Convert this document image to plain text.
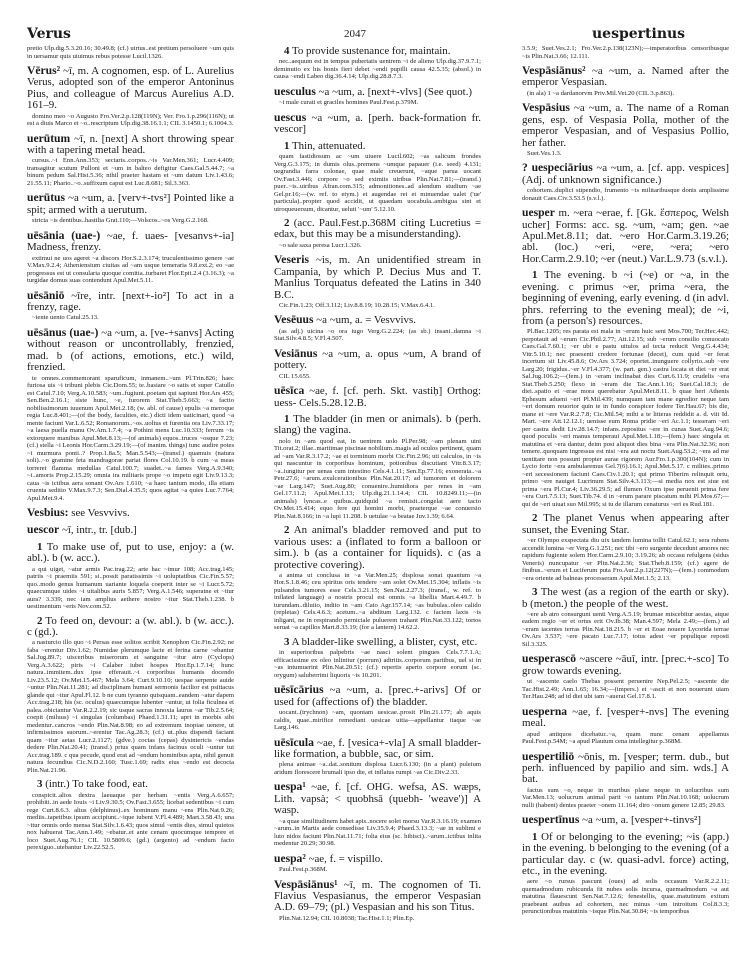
Verus	2047	uespertinus

pretio Ulp.dig.5.3.20.16; 30.49.8; (cf.) uirtus..est pretium persoluere ~um quis in uersamur quis uiuimus rebus potesse Lucil.1326.

Vērus² ~ī, m. A cognomen, esp. of L. Aurelius Verus, adopted son of the emperor Antoninus Pius, and colleague of Marcus Aurelius A.D. 161–9.

domino meo ~o Augusto Fro.Ver.2.p.128(119N); Ver. Fro.1.p.296(116N); ut est a diuis Marco et ~o..rescriptum Ulp.dig.38.16.1.1; CIL 3.1450.1; 6.1004.3.

uerūtum ~ī, n. [next] A short throwing spear with a tapering metal head.

cursus..~i Enn.Ann.353; sectaris..corpos..~is Var.Men.361; Lucr.4.409; transagitur scutum Pulloni et ~um in balteo defigitur Caes.Gal.5.44.7; ~a binum pedum Sal.Hist.5.36; nihil praeter hastam et ~um datum Liv.1.43.6; 21.55.11; Phario..~o..suffixum caput est Luc.8.681; Sil.3.363.

uerūtus ~a ~um, a. [verv+-tvs²] Pointed like a spit; armed with a uerutum.

stricta ~is dentibus..hastilia Grat.110;—Volscos..~os Verg.G.2.168.

uēsānia (uae-) ~ae, f. uaes- [vesanvs+-ia] Madness, frenzy.

extimui ne uos ageret ~a discors Hor.S.2.3.174; truculentissimo genere ~ae V.Max.9.2.4; Atheniensium ciuitas ad ~am usque temeraria 9.8.ext.2; eo ~ae progressus est ut consularia quoque comitia..turbaret Flor.Epit.2.4 (3.16.3); ~a turgidae domus suas contendunt Apul.Met.5.11.

uēsāniō ~īre, intr. [next+-io²] To act in a frenzy, rage.

~iente uento Catul.25.13.

uēsānus (uae-) ~a ~um, a. [ve-+sanvs] Acting without reason or uncontrollably, frenzied, mad. b (of actions, emotions, etc.) wild, frenzied.

te omnes..commemorant sparuficum, inmanem..~um Pl.Trin.826; haec furiosa uis ~i tribuni plebis Cic.Dom.55; te..basiare ~o satis et super Catullo est Catul.7.10; Verg.A.10.583; ~um..fugiunt..poetam qui sapiunt Hor.Ars 455; Sen.Ben.2.16.1; siste hunc, ~e, furorem Stat.Theb.5.663; ~a factio nobilissimorum iuuenum Apul.Met.2.18; (w. abl. of cause) epulis ~a meroque regia Luc.8.401;—(of the body, faculties, etc.) dicti idem uaticinari, quod ~a mente faciunt Var.L.6.52; Romanorum..~os..uoltus et furentia ora Liv.7.33.17; ~a laesa puella manu Ov.Am.1.7.4; ~a Pothini mens Luc.10.333; ferrum ~is extorquere manibus Apul.Met.8.13;—(of animals) equos..truces ~osque 7.23; (cf.) stella ~i Leonis Hor.Carm.3.29.19;—(of inanim. things) tunc audire potes ~i murmura ponti..? Prop.1.8a.5; Man.5.543;—(transf.) quamuis (natura soli)..~o gramine feta mandragorae pariat flores Col.10.19. b cum ~a meas torreret flamma medullas Catul.100.7; suadet..~a fames Verg.A.9.340; ~i..amoris Prop.2.15.29; omnia ira militaris prope ~o impetu egit Liv.9.13.3; caua ~is ictibus aera sonant Ov.Ars 1.610; ~a haec tantum modo, illa etiam cruenta seditio V.Max.9.7.3; Sen.Dial.4.35.5; quos agitat ~a quies Luc.7.764; Apul.Met.9.4.

Vesbius: see Vesvvivs.

uescor ~ī, intr., tr. [dub.]

1 To make use of, put to use, enjoy: a (w. abl.). b (w. acc.).

a qui uiget, ~atur armis Pac.trag.22; arte hac ~imur 108; Acc.trag.145; patriis ~i praemiis 591; si..possit paratissimis ~i uoluptatibus Cic.Fin.5.57; quo..modo genus humanum uariante loquela coeperit inter se ~i Lucr.5.72; quaecumque uides ~i uitalibus auris 5.857; Verg.A.1.546; superatne et ~itur aura? 3.339; nec iam amplius aethere nostro ~itur Stat.Theb.1.238. b uestimentum ~eris Nov.com.52.

2 To feed on, devour: a (w. abl.). b (w. acc.). c (gd.).

a nasturcio illo quo ~i Persas esse solitos scribit Xenophon Cic.Fin.2.92; ne faba ~erentur Div.1.62; Numidae plerumque lacte et ferina carne ~ebantur Sal.Jug.89.7; uisceribus miserorum et sanguine ~itur atro (Cyclops) Verg.A.3.622; piris ~i Calaber iubet hospes Hor.Ep.1.7.14; hunc natura..immitem..dux ipse efferauit..~i corporibus humanis docendo Liv.23.5.12; Ov.Met.15.467; Mela 3.64; Curt.9.10.10; uespae serpente auide ~untur Plin.Nat.11.281; ad disciplinam humani sermonis facilior est psittacus glande qui ~itur Apul.Fl.12. b ne cum tyranno quisquam..eandem ~atur dapem Acc.trag.218; his (sc. oculus) quaecumque lubenter ~untur, ut folia ficulnea et palea..obiciantur Var.R.2.2.19; sic usque sacras innoxia laurus ~ar Tib.2.5.64; coepit (miluus) ~i singulas (columbas) Phaed.1.31.11; apri in morbis sibi medentur..cancros ~endo Plin.Nat.8.98; eo ad extremum inopiae uenere, ut infirmissimos suorum..~erentur Tac.Ag.28.3; (cf.) ut..plus dispendi faciant quam ~itur aetas Lucr.2.1127; (gdve.) coctas (cepas) dysintericis ~endas dedere Plin.Nat.20.41; (transf.) prius quam infans facinus oculi ~untur tui Acc.trag.189. c qua pecude, quod erat ad ~endum hominibus apta, nihil genuit natura fecundius Cic.N.D.2.160; Tusc.1.69; radix eius ~endo est decocta Plin.Nat.21.96.

3 (intr.) To take food, eat.

conspicit..alios dextra laeuaque per herbam ~entis Verg.A.6.657; prohibiti..in aede Iouis ~i Liv.9.30.5; Ov.Fast.3.655; licebat sedentibus ~i cum rege Curt.8.6.3. alius (delphinus)..ex hominum manu ~ens Plin.Nat.9.26; mediis..tapetibus ipsum accipiunt..~ique iubent V.Fl.4.489; Mart.3.58.43; una ~itur omnis ordo mensa Stat.Silv.1.6.43; quos simul ~entis dies, simul quietos nox habuerat Tac.Ann.1.49; ~ebatur..et ante cenam quocumque tempore et loco Suet.Aug.76.1; CIL 10.5809.6; (gd.) (argento) ad ~endum facto perexiguo..utebantur Liv.22.52.5.

4 To provide sustenance for, maintain.

nec..aequum est in tempus pubertatis uentrem ~i de alieno Ulp.dig.37.9.7.1; deminutio ex his bonis fieri debet ~endi pupilli causa 42.5.35; (absol.) in causa ~endi Labeo dig.36.4.14; Ulp.dig.28.8.7.3.

uesculus ~a ~um, a. [next+-vlvs] (See quot.)

~i male curati et graciles homines Paul.Fest.p.379M.

uescus ~a ~um, a. [perh. back-formation fr. vescor]

1 Thin, attenuated.

quam fastidiosum ac ~um uiuere Lucil.602; ~as salicum frondes Verg.G.3.175; in dumis olus..premens ~umque papauer (i.e. seed) 4.131; uegrandia farra colonae, quae male creuerunt, ~aque parua uocant Ov.Fast.3.446; corpore ~o sed eximiis uiribus Plin.Nat.7.81;—(transf.) puer..~is..uiribus Afran.com.315; admonitiones..ad alendum studium ~ae Gel.pr.16;—(w. ref. to etym.) et augendae rei et minuendae ualet ('ue' particula)..propter quod accidit, ut quaedam uocabula..ambigua sint et utroqueuersum, dicantur, ueluti '~um' 5.12.10.

2 (acc. Paul.Fest.p.368M citing Lucretius = edax, but this may be a misunderstanding).

~o sale saxa peresa Lucr.1.326.

Veseris ~is, m. An unidentified stream in Campania, by which P. Decius Mus and T. Manlius Torquatus defeated the Latins in 340 B.C.

Cic.Fin.1.23; Off.3.112; Liv.8.8.19; 10.28.15; V.Max.6.4.1.

Vesēuus ~a ~um, a. = Vesvvivs.

(as adj.) uicina ~o ora iugo Verg.G.2.224; (as sb.) insani..damna ~i Stat.Silv.4.8.5; V.Fl.4.507.

Vesiānus ~a ~um, a. opus ~um, A brand of pottery.

CIL 15.655.

uēsīca ~ae, f. [cf. perh. Skt. vastiḥ] Orthog: uess- Cels.5.28.12.B.

1 The bladder (in men or animals). b (perh. slang) the vagina.

nolo in ~am quod eat, in uentrem uolo Pl.Per.98; ~am plenam uini Tit.orat.2; illae..maritimae piscinae nobilium..magis ad oculos pertinent, quam ad ~am Var.R.3.17.2; ~ae et torminum morbi Cic.Fin.2.96; uti calculos, in ~is qui nascuntur in corporibus hominum, potionibus discutiant Vitr.8.3.17; ~a..iungitur per uenas cum intestino Cels.4.1.11; Sen.Ep.77.16; exonerata..~a Petr.27.6; ~arum..exulcerationibus Plin.Nat.20.17; ad tumorem et dolorem ~ae Larg.147; Suet.Aug.80; conuenire..humidiora per renes in ~am Gel.17.11.2; Apul.Met.1.13; Ulp.dig.21.1.14.4; CIL 10.8249.11;—(in animals) lyncas..e quibus..quidquid ~a remisit..congelat aere tacto Ov.Met.15.414; equo fere qui homini morbi, praeterque ~ae conuersio Plin.Nat.8.166; in ~a lupi 11.208. b uetulae ~a beatae Juv.1.39; 6.64.

2 An animal's bladder removed and put to various uses: a (inflated to form a balloon or sim.). b (as a container for liquids). c (as a protective covering).

a anima ut conclusa in ~a Var.Men.25; displosa sonat quantum ~a Hor.S.1.8.46; ceu spiritus oris tendere ~am solet Ov.Met.15.304; inflatis ~is pulsandos tumores esse Cels.3.21.15; Sen.Nat.2.27.3; (transf., w. ref. to inflated language) a nostris procul est omnis ~a libellis Mart.4.49.7. b turundam..diluito, indito in ~am Cato Agr.157.14; ~as bubulas..oleo calido (repletas) Cels.4.6.3; acetum..~a abditum Larg.132. c faciem laxis ~is inligant, ne in respirando perniciale puluerem trahant Plin.Nat.33.122; tortos seruat ~a capillos Mart.8.33.19; (for a lantern) 14.62.2.

3 A bladder-like swelling, a blister, cyst, etc.

in superioribus palpebris ~ae nasci solent pingues Cels.7.7.1.A; efficacissime ex oleo inlinitur (porrum) adtritis..corporum partibus, uel si in ~as intumuerint Plin.Nat.20.51; (cf.) repertis aperto corpore eorum (sc. orygum) saluberrimi liquoris ~is 10.201.

uēsīcārius ~a ~um, a. [prec.+-arivs] Of or used for (affections of) the bladder.

uocant..(trychnon) ~am, quoniam uesicae..prosit Plin.21.177; ab aquis caldis, quae..mirifice remediant uesicae uitia—appellantur itaque ~ae Larg.146.

uēsīcula ~ae, f. [vesica+-vla] A small bladder-like formation, a bubble, sac, or sim.

plena animae ~a..dat..sonitum displosa Lucr.6.130; (in a plant) puleium aridum florescere brumali ipso die, et inflatus rumpi ~as Cic.Div.2.33.

uespa¹ ~ae, f. [cf. OHG. wefsa, AS. wæps, Lith. vapsà; < ɥuobhsā (ɥuebh- 'weave')] A wasp.

~a quae similitudinem habet apis..nocere solet morsu Var.R.3.16.19; examen ~arum..in Martis aede consedisse Liv.35.9.4; Phaed.3.13.3; ~ae in sublimi e luto nidos faciunt Plin.Nat.11.71; folia eius (sc. hibisci)..~arum..ictibus inlita medentur 20.29; 30.98.

uespa² ~ae, f. = vispillo.

Paul.Fest.p.368M.

Vespāsiānus¹ ~ī, m. The cognomen of Ti. Flavius Vespasianus, the emperor Vespasian A.D. 69–79; (pl.) Vespasian and his son Titus.

Plin.Nat.12.94; CIL 10.8038; Tac.Hist.1.1; Plin.Ep.

3.5.9; Suet.Ves.2.1; Fro.Ver.2.p.138(123N);—imperatoribus censoribusque ~is Plin.Nat.3.66; 12.111.

Vespāsiānus² ~a ~um, a. Named after the emperor Vespasian.

(in ala) 1 ~a dardanorvm Priv.Mil.Vet.20 (CIL 3.p.863).

Vespāsius ~a ~um, a. The name of a Roman gens, esp. of Vespasia Polla, mother of the emperor Vespasian, and of Vespasius Pollio, her father.

Suet.Ves.1.3.

? uespeciārius ~a ~um, a. [cf. app. vespices] (Adj. of unknown significance.)

cohortem..duplici stipendio, frumento ~is militaribusque donis amplissime donauit Caes.Civ.3.53.5 (s.v.l.).

uesper m. ~era ~erae, f. [Gk. ἕσπερος, Welsh ucher] Forms: acc. sg. ~um, ~am; gen. ~ae Apul.Met.8.11; dat. ~ero Hor.Carm.3.19.26; abl. (loc.) ~eri, ~ere, ~era; ~ero Hor.Carm.2.9.10; ~er (neut.) Var.L.9.73 (s.v.l.).

1 The evening. b ~i (~e) or ~a, in the evening. c primus ~er, prima ~era, the beginning of evening, early evening. d (in advl. phrs. referring to the evening meal); de ~i, from (a person's) resources.

Pl.Bac.1205; res parata est mala in ~erum huic seni Mos.700; Ter.Hec.442; perpotauit ad ~erum Cic.Phil.2.77; Att.12.15; sub ~erum consilio conuocato Caes.Gal.7.60.1; ~er ubi e pastu uitulos ad tecta reducit Verg.G.4.434; Vitr.5.10.1; nec praesenti credere fortunae (decet), cum quid ~er ferat incertum sit Liv.45.8.6; Ov.Ars 3.724; oportet..inunguere collyrio..sub ~ere Larg.20; frigidus..~er V.Fl.4.377; (w. part. gen.) castra locata et diei ~er erat Sal.Jug.106.2;—(fem.) in ~eram inclinabat dies Curt.6.11.9; crudelis ~era Stat.Theb.5.250; flexo in ~eram die Tac.Ann.1.16; Suet.Cal.18.3; de diei..spatio et ~erae mora querebatur Apul.Met.8.11. b quae heri Athenis Ephesum adueni ~eri Pl.Mil.439; numquam tam mane egredior neque tam ~eri domum reuortor quin te in fundo conspicer fodere Ter.Hau.67; bis die, mane et ~ere Var.R.2.7.8; Cic.Mil.54; mihi a te litteras reddidit a. d. viii Id. Mart. ~ere Att.12.12.1; uenisse eum Roma pridie ~eri Ac.1.1; tesseram ~eri per castra dedit Liv.28.14.7; infans..repositus ~ere in cunas Suet.Aug.94.6; quod poculis ~eri manus temperaui Apul.Met.1.18;—(fem.) haec singula et matutina et ~era dantur, deim post aliquot dies bina ~era Plin.Nat.32.36; non temere..quoquam ingressus est nisi ~era aut noctu Suet.Aug.53.2; ~era ad me uentitare non possunt propter aurae rigorem Aur.Fro.1.p.300(104N); cum in Lycio forte ~era ambularemus Gel.7(6).16.1; Apul.Met.5.17. c milites..primo ~eri secessionem faciunt Caes.Civ.1.20.1; qui primo Tiberim relinquit ortu, primo ~ere nauiget Lucrinum Stat.Silv.4.3.113;—si media nox est siue est prima ~era Pl.Cur.4; Liv.36.29.5; ad flumen Oxum ipse peruenit prima fere ~era Curt.7.5.13; Suet.Tib.74. d in ~erum parare piscatum mihi Pl.Mos.67;—qui de ~eri uiuat suo Mil.995; si tu de illarum cenaturus ~eri es Rud.181.

2 The planet Venus when appearing after sunset, the Evening Star.

~er Olympo exspectata diu uix tandem lumina tollit Catul.62.1; sera rubens accendit lumina ~er Verg.G.1.251; nec tibi ~ero surgente decedunt amores nec rapidum fugiente solem Hor.Carm.2.9.10; 3.19.26; ab occasu refulgens (sidus Veneris) nuncupatur ~er Plin.Nat.2.36; Stat.Theb.8.159; (cf.) agere de finibus..~erum et Luciferum puta Fro.Aur.2.p.12(227N);—(fem.) commodum ~era oriente ad balneas processeram Apul.Met.1.5; 2.13.

3 The west (as a region of the earth or sky). b (meton.) the people of the west.

~ere ab atro consurgunt uenti Verg.A.5.19; brumae miscebitur aestas, atque eadem regio ~er et ortus erit Ov.Ib.38; Man.4.597; Mela 2.49;—(fem.) ad ~eram iacentes terras Plin.Nat.18.215. b ~er et Eoae nouere Lycoridа terrae Ov.Ars 3.537; ~ere pacato Luc.7.17; totus adest ~er populique reposti Sil.3.325.

uesperascō ~ascere ~āuī, intr. [prec.+-sco] To grow towards evening.

ut ~ascente caelo Thebas possent peruenire Nep.Pel.2.5; ~ascente die Tac.Hist.2.49; Ann.1.65; 16.34;—(impers.) et ~ascit et non nouerunt uiam Ter.Hau.248; ad id diei ubi iam ~auerat Gel.17.8.1.

uesperna ~ae, f. [vesper+-nvs] The evening meal.

apud antiquos dicebatur..~a, quam nunc cenam appellamus Paul.Fest.p.54M; ~a apud Plautum cena intellegitur p.368M.

uespertiliō ~ōnis, m. [vesper; term. dub., but perh. influenced by papilio and sim. wds.] A bat.

factus sum ~o, neque in muribus plane neque in uolucribus sum Var.Men.13; uolucrum animal parit ~o tantum Plin.Nat.10.168; uolucrum nulli (habent) dentes praeter ~onem 11.164; diro ~onum genere 12.85; 29.83.

uespertīnus ~a ~um, a. [vesper+-tinvs²]

1 Of or belonging to the evening; ~is (app.) in the evening. b belonging to the evening (of a particular day. c (w. quasi-advl. force) acting, etc., in the evening.

aere ~o rursus pascunt (oues) ad solis occasum Var.R.2.2.11; quemadmodum rubicunda fit nubes solis incursa, quemadmodum ~a aut matutina flauescunt Sen.Nat.7.12.6; fenestellis, quae..matutinum exitum praebeant auibus ad cohortem, nec minus ~um introitum Col.8.3.3; perunctionibus matutinis ~isque Plin.Nat.30.84; ~is temporibus
